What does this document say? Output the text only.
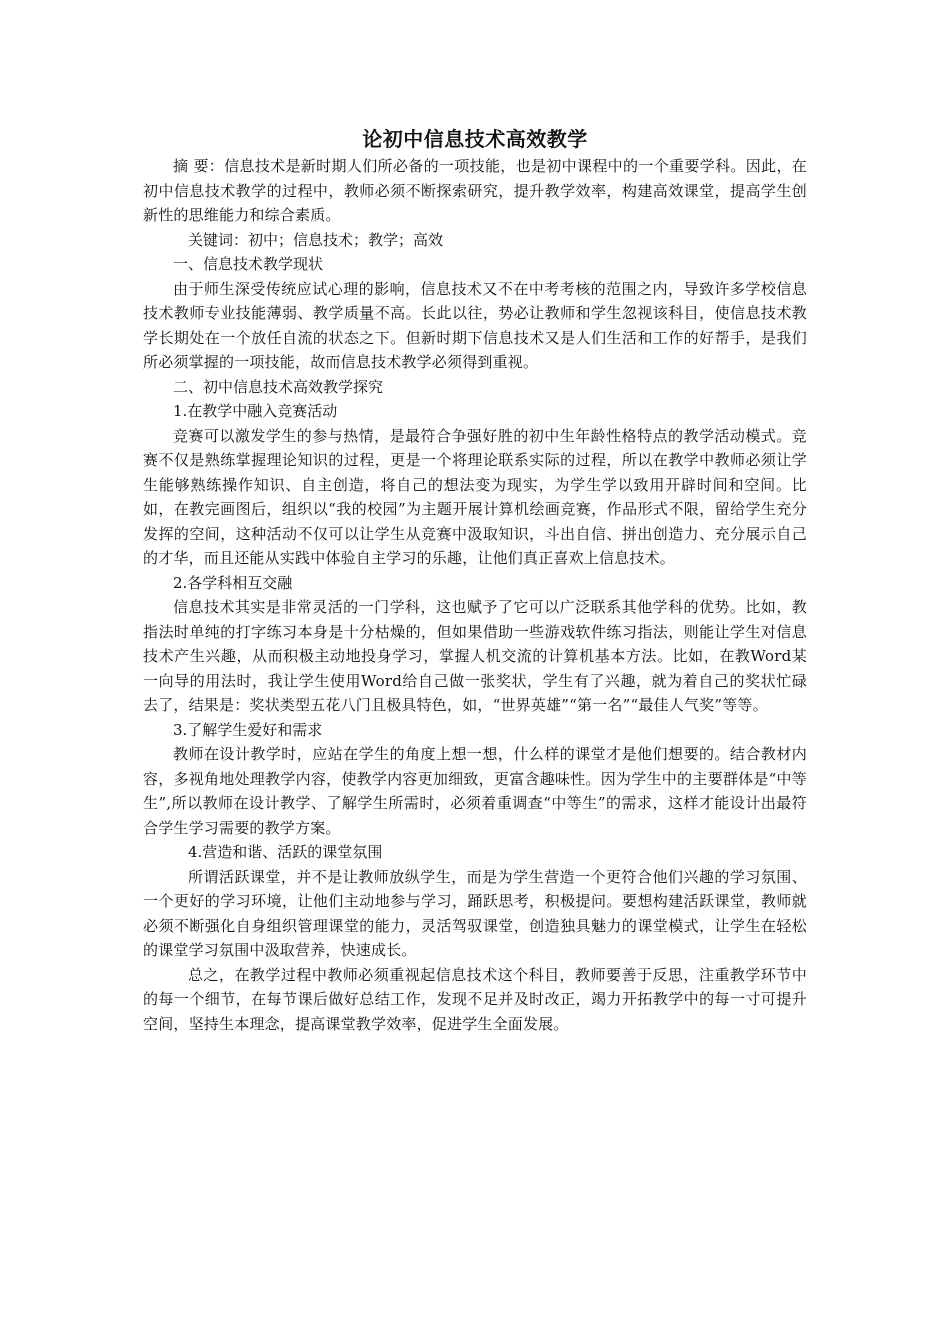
论初中信息技术高效教学

摘 要：信息技术是新时期人们所必备的一项技能，也是初中课程中的一个重要学科。因此，在初中信息技术教学的过程中，教师必须不断探索研究，提升教学效率，构建高效课堂，提高学生创新性的思维能力和综合素质。

关键词：初中；信息技术；教学；高效

一、信息技术教学现状

由于师生深受传统应试心理的影响，信息技术又不在中考考核的范围之内，导致许多学校信息技术教师专业技能薄弱、教学质量不高。长此以往，势必让教师和学生忽视该科目，使信息技术教学长期处在一个放任自流的状态之下。但新时期下信息技术又是人们生活和工作的好帮手，是我们所必须掌握的一项技能，故而信息技术教学必须得到重视。

二、初中信息技术高效教学探究

1.在教学中融入竞赛活动

竞赛可以激发学生的参与热情，是最符合争强好胜的初中生年龄性格特点的教学活动模式。竞赛不仅是熟练掌握理论知识的过程，更是一个将理论联系实际的过程，所以在教学中教师必须让学生能够熟练操作知识、自主创造，将自己的想法变为现实，为学生学以致用开辟时间和空间。比如，在教完画图后，组织以“我的校园”为主题开展计算机绘画竞赛，作品形式不限，留给学生充分发挥的空间，这种活动不仅可以让学生从竞赛中汲取知识，斗出自信、拼出创造力、充分展示自己的才华，而且还能从实践中体验自主学习的乐趣，让他们真正喜欢上信息技术。

2.各学科相互交融

信息技术其实是非常灵活的一门学科，这也赋予了它可以广泛联系其他学科的优势。比如，教指法时单纯的打字练习本身是十分枯燥的，但如果借助一些游戏软件练习指法，则能让学生对信息技术产生兴趣，从而积极主动地投身学习，掌握人机交流的计算机基本方法。比如，在教Word某一向导的用法时，我让学生使用Word给自己做一张奖状，学生有了兴趣，就为着自己的奖状忙碌去了，结果是：奖状类型五花八门且极具特色，如，“世界英雄”“第一名”“最佳人气奖”等等。

3.了解学生爱好和需求

教师在设计教学时，应站在学生的角度上想一想，什么样的课堂才是他们想要的。结合教材内容，多视角地处理教学内容，使教学内容更加细致，更富含趣味性。因为学生中的主要群体是“中等生”,所以教师在设计教学、了解学生所需时，必须着重调查“中等生”的需求，这样才能设计出最符合学生学习需要的教学方案。

4.营造和谐、活跃的课堂氛围

所谓活跃课堂，并不是让教师放纵学生，而是为学生营造一个更符合他们兴趣的学习氛围、一个更好的学习环境，让他们主动地参与学习，踊跃思考，积极提问。要想构建活跃课堂，教师就必须不断强化自身组织管理课堂的能力，灵活驾驭课堂，创造独具魅力的课堂模式，让学生在轻松的课堂学习氛围中汲取营养，快速成长。

总之，在教学过程中教师必须重视起信息技术这个科目，教师要善于反思，注重教学环节中的每一个细节，在每节课后做好总结工作，发现不足并及时改正，竭力开拓教学中的每一寸可提升空间，坚持生本理念，提高课堂教学效率，促进学生全面发展。
